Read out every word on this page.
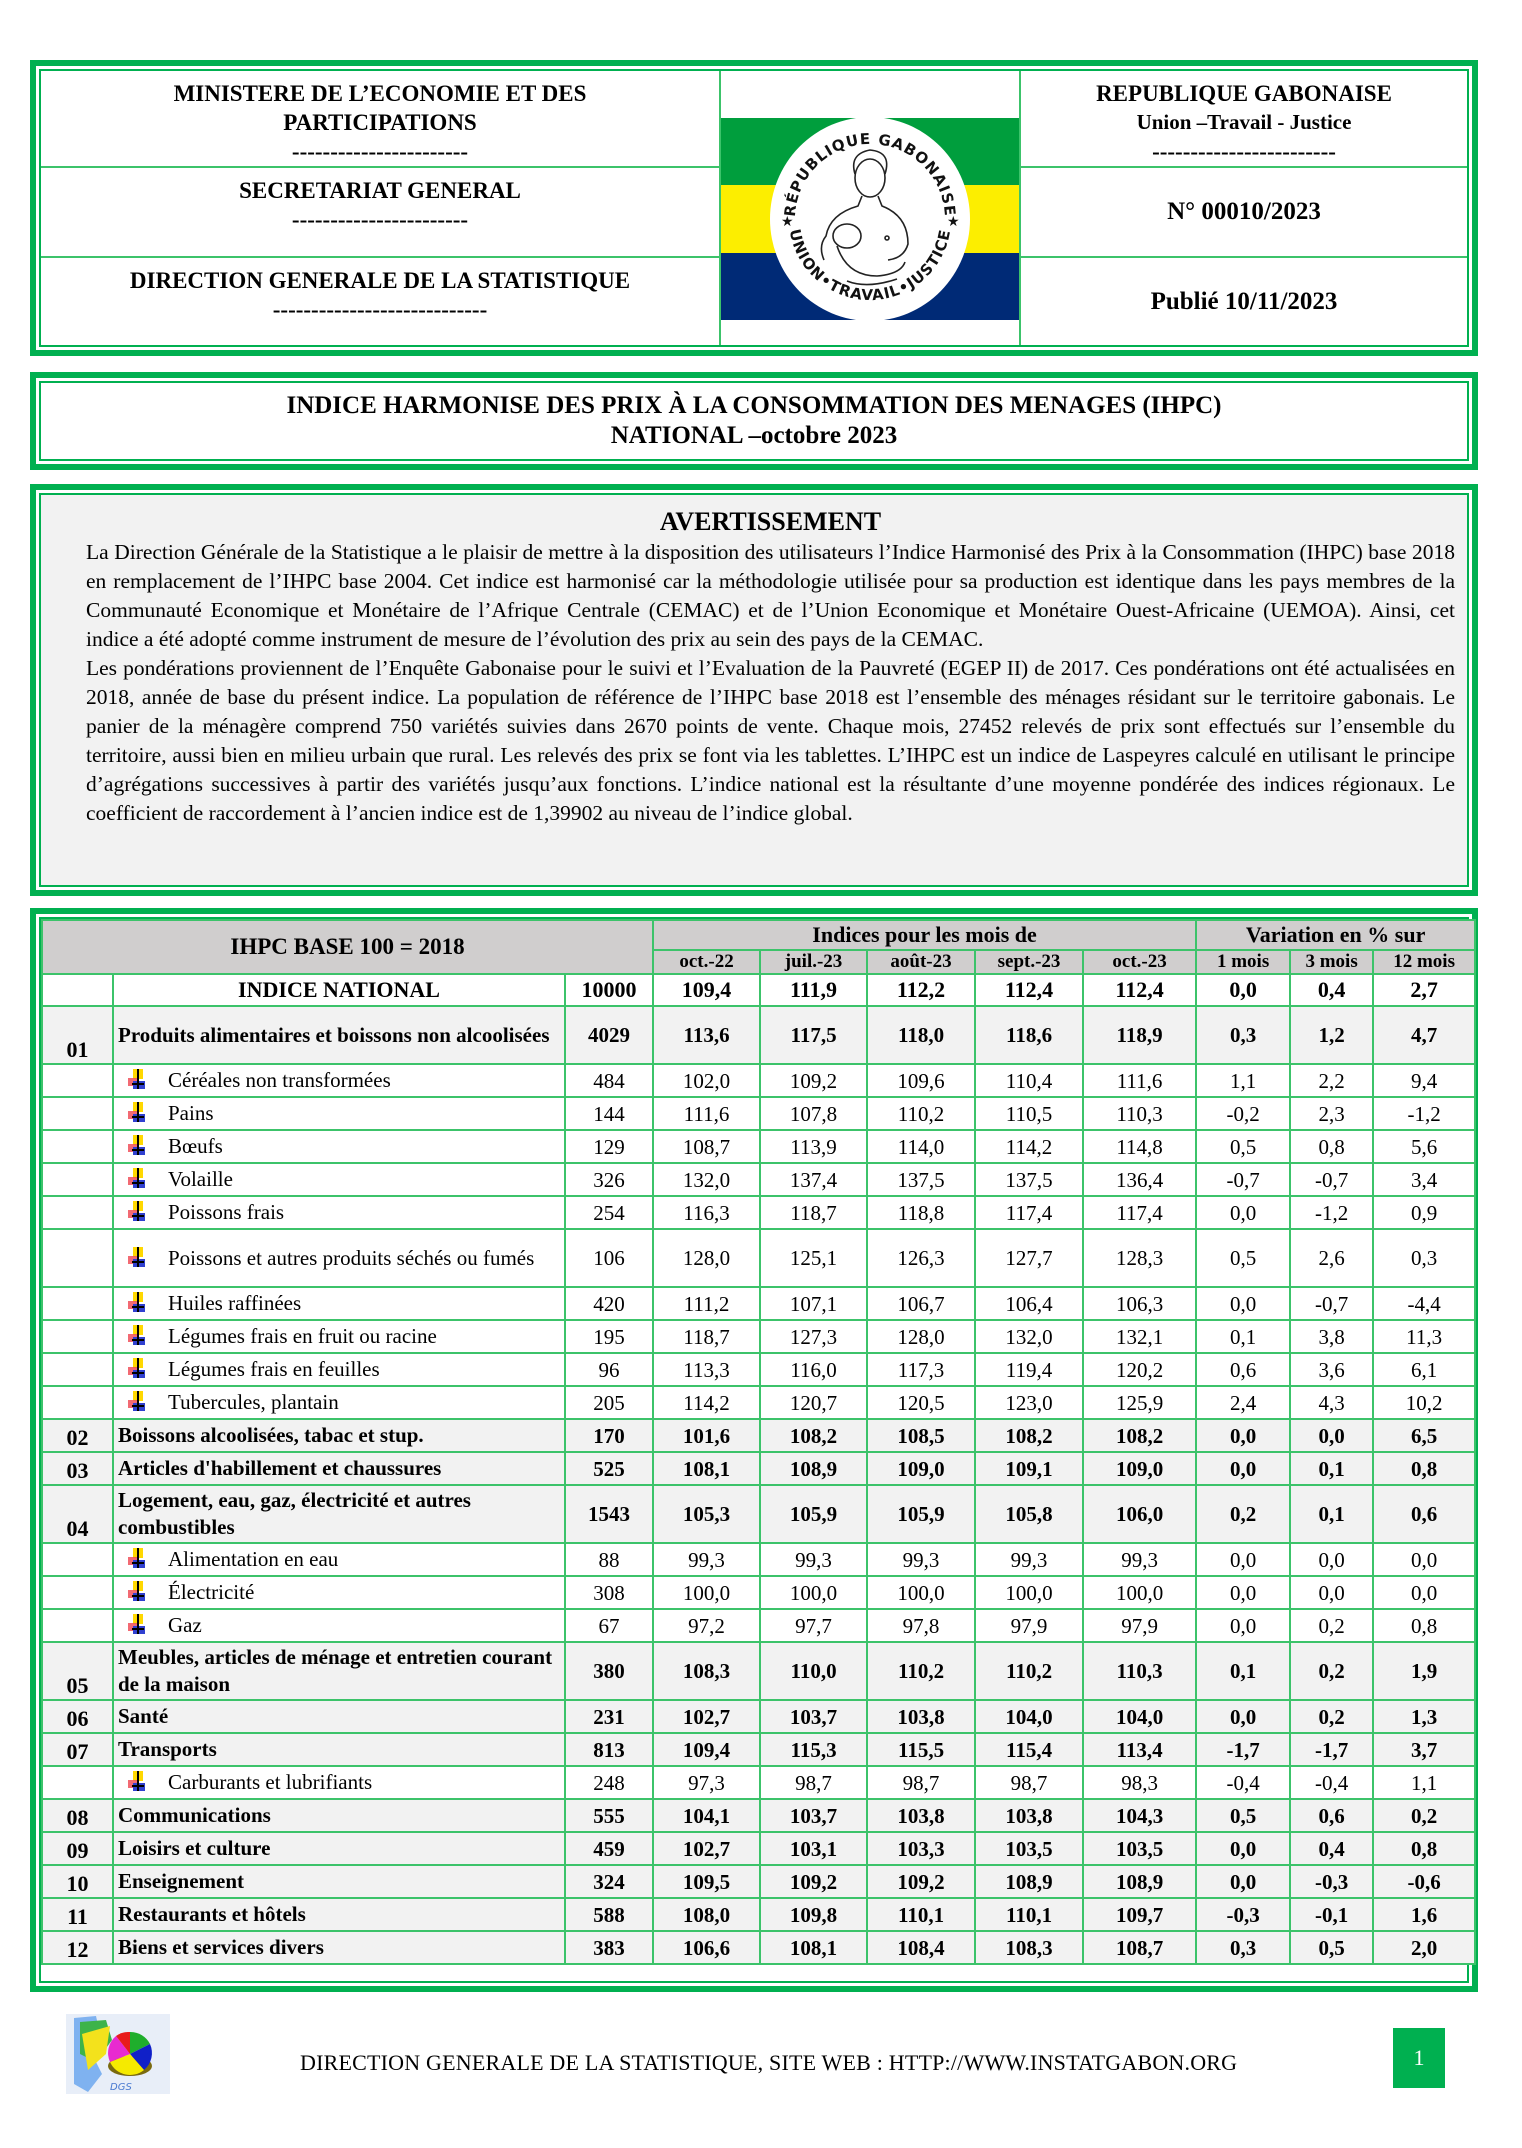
MINISTERE DE L’ECONOMIE ET DES PARTICIPATIONS
-----------------------
SECRETARIAT GENERAL
-----------------------
DIRECTION GENERALE DE LA STATISTIQUE
----------------------------
RÉPUBLIQUE GABONAISE
UNION•TRAVAIL•JUSTICE
★	★
REPUBLIQUE GABONAISE
Union –Travail - Justice
------------------------
N° 00010/2023
Publié 10/11/2023
INDICE HARMONISE DES PRIX À LA CONSOMMATION DES MENAGES (IHPC)
NATIONAL –octobre 2023
AVERTISSEMENT

La Direction Générale de la Statistique a le plaisir de mettre à la disposition des utilisateurs l’Indice Harmonisé des Prix à la Consommation (IHPC) base 2018 en remplacement de l’IHPC base 2004. Cet indice est harmonisé car la méthodologie utilisée pour sa production est identique dans les pays membres de la Communauté Economique et Monétaire de l’Afrique Centrale (CEMAC) et de l’Union Economique et Monétaire Ouest-Africaine (UEMOA). Ainsi, cet indice a été adopté comme instrument de mesure de l’évolution des prix au sein des pays de la CEMAC.

Les pondérations proviennent de l’Enquête Gabonaise pour le suivi et l’Evaluation de la Pauvreté (EGEP II) de 2017. Ces pondérations ont été actualisées en 2018, année de base du présent indice. La population de référence de l’IHPC base 2018 est l’ensemble des ménages résidant sur le territoire gabonais. Le panier de la ménagère comprend 750 variétés suivies dans 2670 points de vente. Chaque mois, 27452 relevés de prix sont effectués sur l’ensemble du territoire, aussi bien en milieu urbain que rural. Les relevés des prix se font via les tablettes. L’IHPC est un indice de Laspeyres calculé en utilisant le principe d’agrégations successives à partir des variétés jusqu’aux fonctions. L’indice national est la résultante d’une moyenne pondérée des indices régionaux. Le coefficient de raccordement à l’ancien indice est de 1,39902 au niveau de l’indice global.

IHPC BASE 100 = 2018			Indices pour les mois de					Variation en % sur		
			oct.-22	juil.-23	août-23	sept.-23	oct.-23	1 mois	3 mois	12 mois
	INDICE NATIONAL	10000	109,4	111,9	112,2	112,4	112,4	0,0	0,4	2,7
01	Produits alimentaires et boissons non alcoolisées	4029	113,6	117,5	118,0	118,6	118,9	0,3	1,2	4,7

	Céréales non transformées	484	102,0	109,2	109,6	110,4	111,6	1,1	2,2	9,4

	Pains	144	111,6	107,8	110,2	110,5	110,3	-0,2	2,3	-1,2

	Bœufs	129	108,7	113,9	114,0	114,2	114,8	0,5	0,8	5,6

	Volaille	326	132,0	137,4	137,5	137,5	136,4	-0,7	-0,7	3,4

	Poissons frais	254	116,3	118,7	118,8	117,4	117,4	0,0	-1,2	0,9

	Poissons et autres produits séchés ou fumés	106	128,0	125,1	126,3	127,7	128,3	0,5	2,6	0,3

	Huiles raffinées	420	111,2	107,1	106,7	106,4	106,3	0,0	-0,7	-4,4

	Légumes frais en fruit ou racine	195	118,7	127,3	128,0	132,0	132,1	0,1	3,8	11,3

	Légumes frais en feuilles	96	113,3	116,0	117,3	119,4	120,2	0,6	3,6	6,1

	Tubercules, plantain	205	114,2	120,7	120,5	123,0	125,9	2,4	4,3	10,2
02	Boissons alcoolisées, tabac et stup.	170	101,6	108,2	108,5	108,2	108,2	0,0	0,0	6,5
03	Articles d'habillement et chaussures	525	108,1	108,9	109,0	109,1	109,0	0,0	0,1	0,8
04	Logement, eau, gaz, électricité et autres combustibles	1543	105,3	105,9	105,9	105,8	106,0	0,2	0,1	0,6

	Alimentation en eau	88	99,3	99,3	99,3	99,3	99,3	0,0	0,0	0,0

	Électricité	308	100,0	100,0	100,0	100,0	100,0	0,0	0,0	0,0

	Gaz	67	97,2	97,7	97,8	97,9	97,9	0,0	0,2	0,8
05	Meubles, articles de ménage et entretien courant de la maison	380	108,3	110,0	110,2	110,2	110,3	0,1	0,2	1,9
06	Santé	231	102,7	103,7	103,8	104,0	104,0	0,0	0,2	1,3
07	Transports	813	109,4	115,3	115,5	115,4	113,4	-1,7	-1,7	3,7

	Carburants et lubrifiants	248	97,3	98,7	98,7	98,7	98,3	-0,4	-0,4	1,1
08	Communications	555	104,1	103,7	103,8	103,8	104,3	0,5	0,6	0,2
09	Loisirs et culture	459	102,7	103,1	103,3	103,5	103,5	0,0	0,4	0,8
10	Enseignement	324	109,5	109,2	109,2	108,9	108,9	0,0	-0,3	-0,6
11	Restaurants et hôtels	588	108,0	109,8	110,1	110,1	109,7	-0,3	-0,1	1,6
12	Biens et services divers	383	106,6	108,1	108,4	108,3	108,7	0,3	0,5	2,0
DGS
DIRECTION GENERALE DE LA STATISTIQUE, SITE WEB : HTTP://WWW.INSTATGABON.ORG	1
